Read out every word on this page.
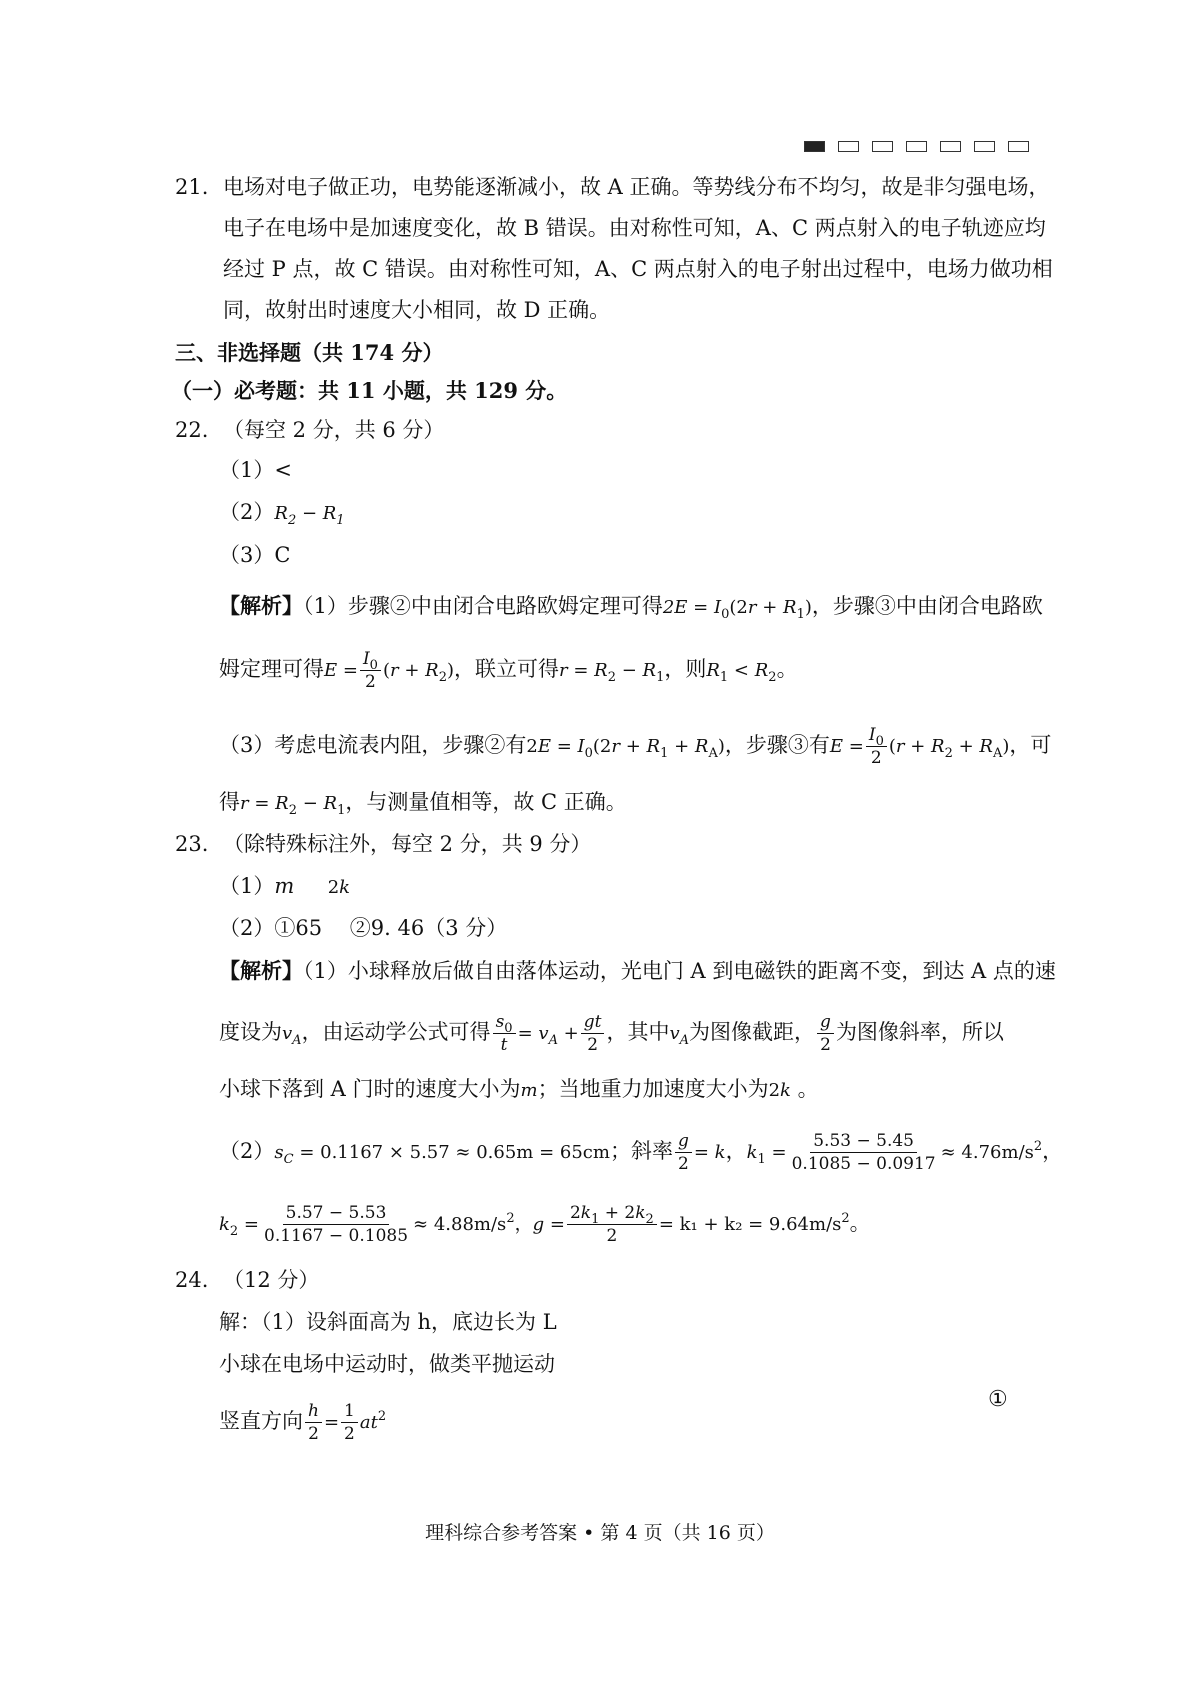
21. 电场对电子做正功，电势能逐渐减小，故 A 正确。等势线分布不均匀，故是非匀强电场，
电子在电场中是加速度变化，故 B 错误。由对称性可知，A、C 两点射入的电子轨迹应均
经过 P 点，故 C 错误。由对称性可知，A、C 两点射入的电子射出过程中，电场力做功相
同，故射出时速度大小相同，故 D 正确。
三、非选择题（共 174 分）
（一）必考题：共 11 小题，共 129 分。
22. （每空 2 分，共 6 分）
（1）<
$(2)R_2 - R_1$
（3）C
【解析】（1）步骤②中由闭合电路欧姆定理可得$2E = I_0(2r + R_1)$，步骤③中由闭合电路欧
姆定理可得$E = \frac{I_0}{2} (r + R_2)$，联立可得$r = R_2 - R_1$，则$R_1 < R_2$。
（3）考虑电流表内阻，步骤②有$2E = I_0(2r + R_1 + R_A)$，步骤③有$E = \frac{I_0}{2} (r + R_2 + R_A)$，可
得$r = R_2 - R_1$，与测量值相等，故 C 正确。
23. （除特殊标注外，每空 2 分，共 9 分）
（1）m 2k
（2）①65　 ②9. 46（3 分）
【解析】（1）小球释放后做自由落体运动，光电门 A 到电磁铁的距离不变，到达 A 点的速
度设为$v_A$，由运动学公式可得 $\frac{s_0}{t} = v_A + \frac{gt}{2}$ ，其中$v_A$为图像截距， $\frac{g}{2}$ 为图像斜率，所以
小球下落到 A 门时的速度大小为m；当地重力加速度大小为2k 。
$(2)s_C = 0.1167 \times 5.57 \approx 0.65m = 65cm$；斜率 $\frac{g}{2} = k$，$k_1 = \frac{5.53 - 5.45}{0.1085 - 0.0917} \approx 4.76m/s^2$，
$k_2 = \frac{5.57 - 5.53}{0.1167 - 0.1085} \approx 4.88m/s^2$，$g = \frac{2k_1 + 2k_2}{2} = k_1 + k_2 = 9.64m/s^2$。
24. （12 分）
解：（1）设斜面高为 h，底边长为 L
小球在电场中运动时，做类平抛运动
竖直方向 $\frac{h}{2} = \frac{1}{2} at^2$
①
理科综合参考答案 • 第 4 页（共 16 页）
